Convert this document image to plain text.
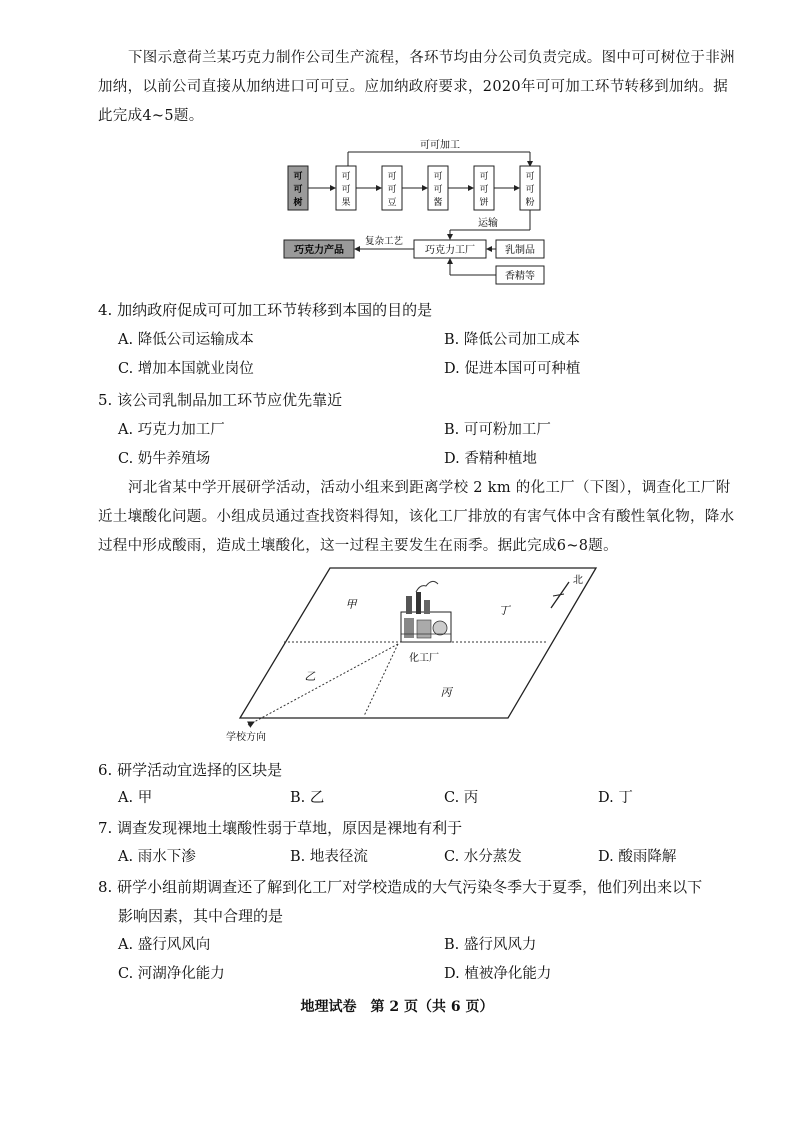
下图示意荷兰某巧克力制作公司生产流程，各环节均由分公司负责完成。图中可可树位于非洲加纳，以前公司直接从加纳进口可可豆。应加纳政府要求，2020年可可加工环节转移到加纳。据此完成4~5题。
可可加工
可
可
树
可
可
果
可
可
豆
可
可
酱
可
可
饼
可
可
粉
运输
巧克力工厂
巧克力产品
复杂工艺
乳制品
香精等
4. 加纳政府促成可可加工环节转移到本国的目的是
A. 降低公司运输成本	B. 降低公司加工成本
C. 增加本国就业岗位	D. 促进本国可可种植
5. 该公司乳制品加工环节应优先靠近
A. 巧克力加工厂	B. 可可粉加工厂
C. 奶牛养殖场	D. 香精种植地
河北省某中学开展研学活动，活动小组来到距离学校 2 km 的化工厂（下图），调查化工厂附近土壤酸化问题。小组成员通过查找资料得知，该化工厂排放的有害气体中含有酸性氧化物，降水过程中形成酸雨，造成土壤酸化，这一过程主要发生在雨季。据此完成6~8题。
甲	丁
乙
丙
北
化工厂
学校方向
6. 研学活动宜选择的区块是
A. 甲	B. 乙	C. 丙	D. 丁
7. 调查发现裸地土壤酸性弱于草地，原因是裸地有利于
A. 雨水下渗	B. 地表径流	C. 水分蒸发	D. 酸雨降解
8. 研学小组前期调查还了解到化工厂对学校造成的大气污染冬季大于夏季，他们列出来以下
影响因素，其中合理的是
A. 盛行风风向	B. 盛行风风力
C. 河湖净化能力	D. 植被净化能力
地理试卷　第 2 页（共 6 页）
